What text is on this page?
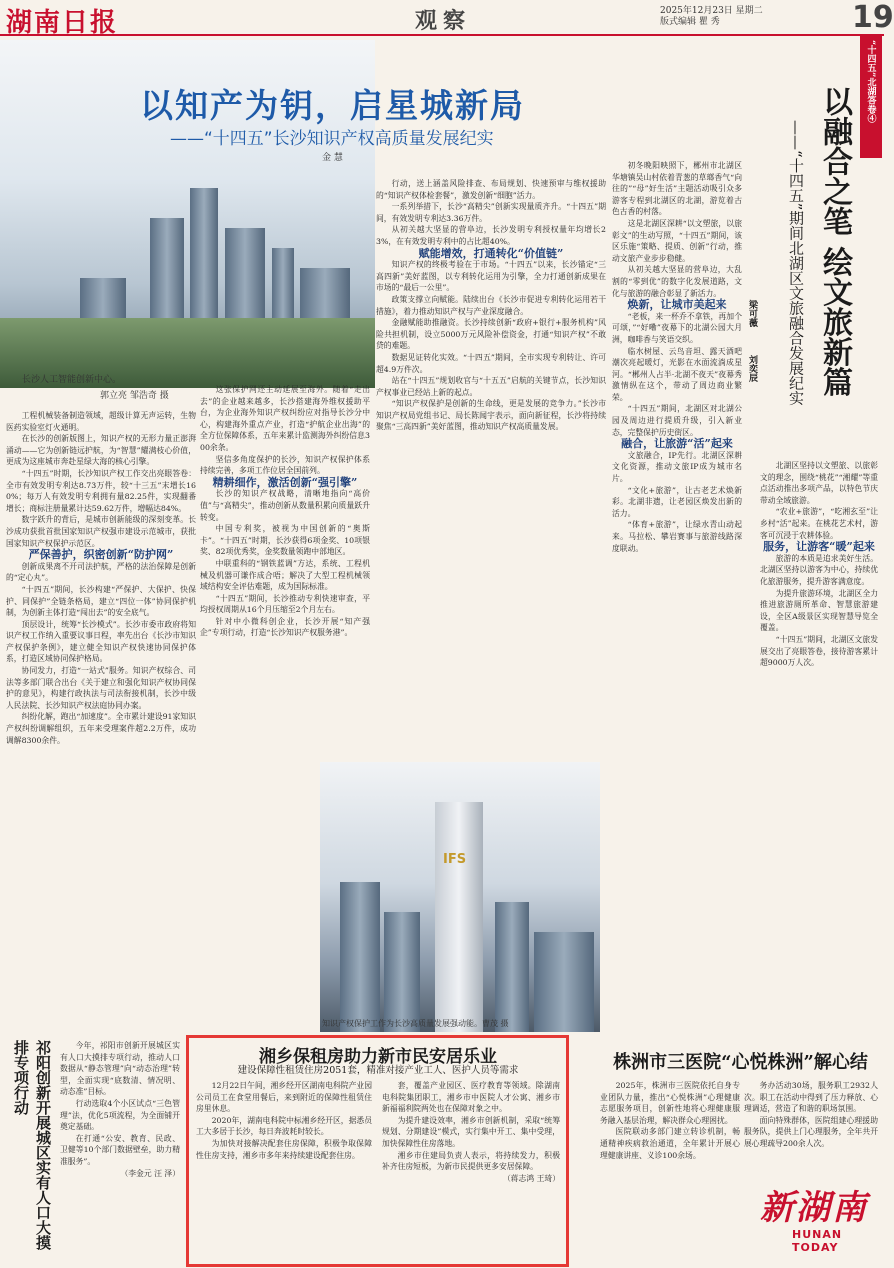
湖南日报	观察	2025年12月23日 星期二
版式编辑 瞿 秀	19
以知产为钥，启星城新局
——“十四五”长沙知识产权高质量发展纪实
金 慧
长沙人工智能创新中心。
郭立亮 邹浩奇 摄

工程机械装备制造领域，超级计算无声运转，生物医药实验室灯火通明。

在长沙的创新版图上，知识产权的无形力量正澎湃涌动——它为创新链远护航，为“智慧”耀满枝心价值，更成为这座城市奔赴星绿大海的核心引擎。

“十四五”时期，长沙知识产权工作交出亮眼答卷：全市有效发明专利达8.73万件，较“十三五”末增长160%；每万人有效发明专利拥有量82.25件，实现翻番增长；商标注册量累计达59.62万件，增幅达84%。

数字跃升的背后，是城市创新能级的深刻变革。长沙成功获批首批国家知识产权强市建设示范城市，获批国家知识产权保护示范区。

严保善护，织密创新“防护网”

创新成果离不开司法护航，严格的法治保障是创新的“定心丸”。

“十四五”期间，长沙构建“严保护、大保护、快保护、同保护”全链条格局，建立“四位一体”协同保护机制，为创新主体打造“闯出去”的安全底气。

顶层设计，统筹“长沙模式”。长沙市委市政府将知识产权工作纳入重要议事日程，率先出台《长沙市知识产权保护条例》，建立健全知识产权快速协同保护体系，打造区域协同保护格局。

协同发力，打造“一站式”服务。知识产权综合、司法等多部门联合出台《关于建立和强化知识产权协同保护的意见》，构建行政执法与司法衔接机制，长沙中级人民法院、长沙知识产权法庭协同办案。

纠纷化解，跑出“加速度”。全市累计建设91家知识产权纠纷调解组织，五年来受理案件超2.2万件，成功调解8300余件。

这张保护网还主动延展至海外。随着“走出去”的企业越来越多，长沙搭建海外维权援助平台，为企业海外知识产权纠纷应对指导长沙分中心，构建海外重点产业，打造“护航企业出海”的全方位保障体系，五年来累计监测海外纠纷信息300余条。

坚信多角度保护的长沙，知识产权保护体系持续完善，多项工作位居全国前列。

精耕细作，激活创新“强引擎”

长沙的知识产权战略，清晰地指向“高价值”与“高精尖”，推动创新从数量积累向质量跃升转变。

中国专利奖，被视为中国创新的“奥斯卡”。“十四五”时期，长沙获得6项金奖、10项银奖、82项优秀奖，金奖数量领跑中部地区。

中联重科的“钢铁蓝调”方达，系统、工程机械及机器可谦作成合唔；解决了大型工程机械领域结构安全评估难题，成为国际标准。

“十四五”期间，长沙推动专利快速审查，平均授权周期从16个月压缩至2个月左右。

针对中小微科创企业，长沙开展“知产强企”专项行动，打造“长沙知识产权服务港”。

行动，送上涵盖风险排查、布局规划、快速预审与维权援助的“知识产权体检套餐”，激发创新“细胞”活力。

一系列举措下，长沙“高精尖”创新实现量质齐升。“十四五”期间，有效发明专利达3.36万件。

从初关越大坚显的营阜边，长沙发明专利授权量年均增长23%，在有效发明专利中的占比超40%。

赋能增效，打通转化“价值链”

知识产权的终极考验在于市场。“十四五”以来，长沙锚定“三高四新”美好蓝图，以专利转化运用为引擎，全力打通创新成果在市场的“最后一公里”。

政策支撑立向赋能。陆续出台《长沙市促进专利转化运用若干措施》，着力推动知识产权与产业深度融合。

金融赋能助推融资。长沙持续创新“政府+银行+服务机构”风险共担机制，设立5000万元风险补偿资金，打通“知识产权”不敢贷的难题。

数据见证转化实效。“十四五”期间，全市实现专利转让、许可超4.9万件次。

站在“十四五”规划收官与“十五五”启航的关键节点，长沙知识产权事业已经站上新的起点。

“知识产权保护是创新的生命线，更是发展的竞争力。”长沙市知识产权局党组书记、局长陈闻宇表示，面向新征程，长沙将持续聚焦“三高四新”美好蓝图，推动知识产权高质量发展。

IFS
知识产权保护工作为长沙高质量发展强动能。曹茂 摄
“十四五”北湖答卷④
以融合之笔 绘文旅新篇
——“十四五”期间北湖区文旅融合发展纪实
梁可薇
刘奕辰

初冬晚阳映照下，郴州市北湖区华塘镇吴山村依着青葱的草瑯香气“向往的”“母”好生活”主题活动吸引众多游客专程到北湖区的北湖，游览着古色古香的村落。

这是北湖区深耕“以文塑旅，以旅彰文”的生动写照，“十四五”期间，该区乐施“策略、提质、创新”行动，推动文旅产业步步稳健。

从初关越大坚显的营阜边，大乱割的“零到优”的数字化发展道路，文化与旅游的融合彰显了新活力。

焕新，让城市美起来

“老板，来一杯乔不拿铁，再加个可颂，”“好嘞”夜幕下的北湖公园大月洲，咖啡香与笑语交织。

临水树屋、云鸟音坦、露天酒吧潮次亮起暖灯，光影在水面流淌成星河。“郴州人占半·北湖不夜天”夜幕秀激情纵在这个，带动了周边商业繁荣。

“十四五”期间，北湖区对北湖公园及周边进行提质升级，引入新业态，完整保护历史街区。

融合，让旅游“活”起来

文旅融合，IP先行。北湖区深耕文化资源，推动文旅IP成为城市名片。

“文化+旅游”，让古老艺术焕新彩。北湖非遗，让老园区焕发出新的活力。

“体育+旅游”，让绿水青山动起来。马拉松、攀岩赛事与旅游线路深度联动。

北湖区坚持以文塑旅、以旅彰文的理念，围绕“桃花”“湘耀”等重点活动推出多项产品，以特色节庆带动全域旅游。

“农业+旅游”，“吃湘玄至”让乡村“活”起来。在桃花艺术村，游客可沉浸于农耕体验。

服务，让游客“暖”起来

旅游的本质是追求美好生活。北湖区坚持以游客为中心，持续优化旅游服务，提升游客满意度。

为提升旅游环境，北湖区全力推进旅游厕所革命、智慧旅游建设，全区A级景区实现智慧导览全覆盖。

“十四五”期间，北湖区文旅发展交出了亮眼答卷，接待游客累计超9000万人次。

祁阳创新开展城区实有人口大摸排专项行动	今年，祁阳市创新开展城区实有人口大摸排专项行动，推动人口数据从“静态管理”向“动态治理”转型，全面实现“底数清、情况明、动态准”目标。

行动选取4个小区试点“三色管理”法，优化5项流程，为全面铺开奠定基础。

在打通“公安、教育、民政、卫健等10个部门数据壁垒，助力精准服务”。

（李金元 汪 泽）

湘乡保租房助力新市民安居乐业
建设保障性租赁住房2051套，精准对接产业工人、医护人员等需求

12月22日午间，湘乡经开区湖南电科院产业园公司员工在食堂用餐后，来到附近的保障性租赁住房里休息。

2020年，湖南电科院中标湘乡经开区，据悉员工大多居于长沙，每日奔波耗时较长。

为加快对接解决配套住房保障，积极争取保障性住房支持，湘乡市多年来持续建设配套住房。

套，覆盖产业园区、医疗教育等领域。除湖南电科院集团职工，湘乡市中医院人才公寓、湘乡市新福福利院两处也在保障对象之中。

为提升建设效率，湘乡市创新机制，采取“统筹规划、分期建设”模式，实行集中开工、集中受理，加快保障性住房落地。

湘乡市住建局负责人表示，将持续发力，积极补齐住房短板，为新市民提供更多安居保障。

（蒋志鸿 王琦）

株洲市三医院“心悦株洲”解心结

2025年，株洲市三医院依托自身专业团队力量，推出“心悦株洲”心理健康志愿服务项目，创新性地将心理健康服务融入基层治理，解决群众心理困扰。

医院联动多部门建立转诊机制，畅通精神疾病救治通道，全年累计开展心理健康讲座、义诊100余场。

务办活动30场，服务职工2932人次。职工在活动中得到了压力释放、心理调适，营造了和谐的职场氛围。

面向特殊群体，医院组建心理援助服务队，提供上门心理服务，全年共开展心理疏导200余人次。

新湖南
HUNAN TODAY
